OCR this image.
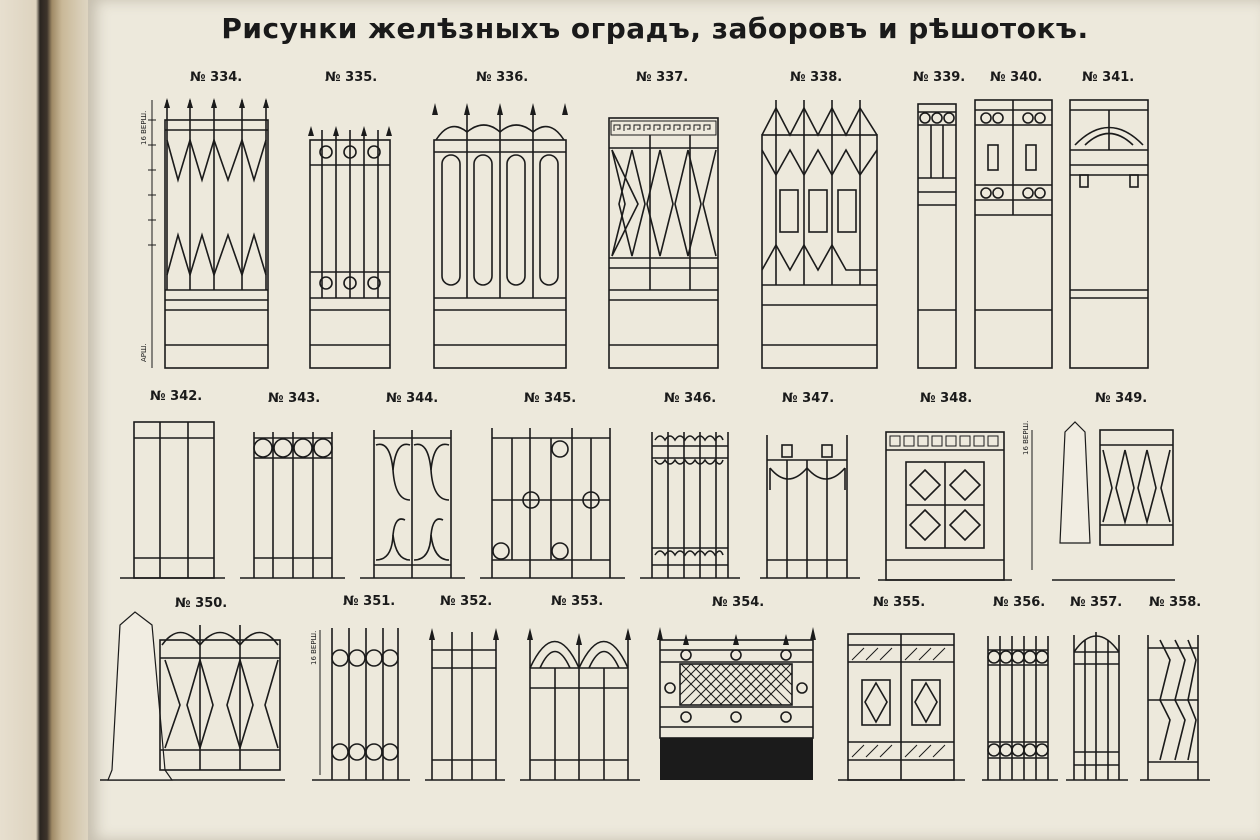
Рисунки желѣзныхъ оградъ, заборовъ и рѣшотокъ.
№ 334.
16 ВЕРШ.
АРШ.
№ 335.	№ 336.	№ 337.	№ 338.	№ 339. № 340.	№ 341.
№ 342.	№ 343.	№ 344.	№ 345.	№ 346.	№ 347.	№ 348.
16 ВЕРШ.
№ 349.
№ 350.	№ 351.
16 ВЕРШ.
№ 352.	№ 353.	№ 354.	№ 355.	№ 356. № 357. № 358.
